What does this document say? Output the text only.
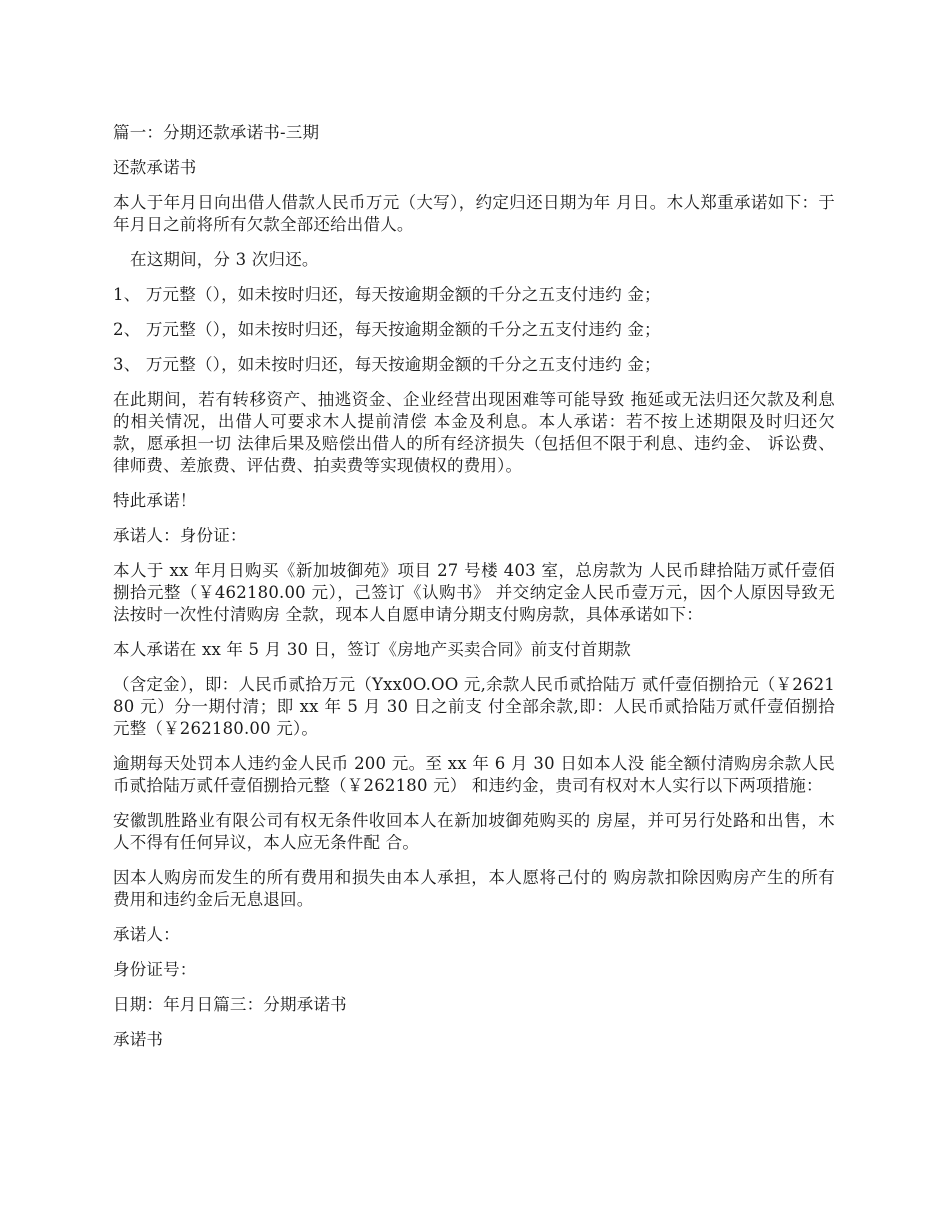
篇一：分期还款承诺书-三期

还款承诺书

本人于年月日向出借人借款人民币万元（大写），约定归还日期为年 月日。木人郑重承诺如下：于年月日之前将所有欠款全部还给出借人。

在这期间，分 3 次归还。

1、 万元整（），如未按时归还，每天按逾期金额的千分之五支付违约 金；

2、 万元整（），如未按时归还，每天按逾期金额的千分之五支付违约 金；

3、 万元整（），如未按时归还，每天按逾期金额的千分之五支付违约 金；

在此期间，若有转移资产、抽逃资金、企业经营出现困难等可能导致 拖延或无法归还欠款及利息的相关情况，出借人可要求木人提前清偿 本金及利息。本人承诺：若不按上述期限及时归还欠款，愿承担一切 法律后果及赔偿出借人的所有经济损失（包括但不限于利息、违约金、 诉讼费、律师费、差旅费、评估费、拍卖费等实现债权的费用）。

特此承诺！

承诺人：身份证：

本人于 xx 年月日购买《新加坡御苑》项目 27 号楼 403 室，总房款为 人民币肆拾陆万贰仟壹佰捌拾元整（￥462180.00 元），己签订《认购书》 并交纳定金人民币壹万元，因个人原因导致无法按时一次性付清购房 全款，现本人自愿申请分期支付购房款，具体承诺如下：

本人承诺在 xx 年 5 月 30 日，签订《房地产买卖合同》前支付首期款

（含定金），即：人民币贰拾万元（Yxx0O.OO 元,余款人民币贰拾陆万 贰仟壹佰捌拾元（￥262180 元）分一期付清；即 xx 年 5 月 30 日之前支 付全部余款,即：人民币贰拾陆万贰仟壹佰捌拾元整（￥262180.00 元）。

逾期每天处罚本人违约金人民币 200 元。至 xx 年 6 月 30 日如本人没 能全额付清购房余款人民币贰拾陆万贰仟壹佰捌拾元整（￥262180 元） 和违约金，贵司有权对木人实行以下两项措施：

安徽凯胜路业有限公司有权无条件收回本人在新加坡御苑购买的 房屋，并可另行处路和出售，木人不得有任何异议，本人应无条件配 合。

因本人购房而发生的所有费用和损失由本人承担，本人愿将己付的 购房款扣除因购房产生的所有费用和违约金后无息退回。

承诺人：

身份证号：

日期：年月日篇三：分期承诺书

承诺书
